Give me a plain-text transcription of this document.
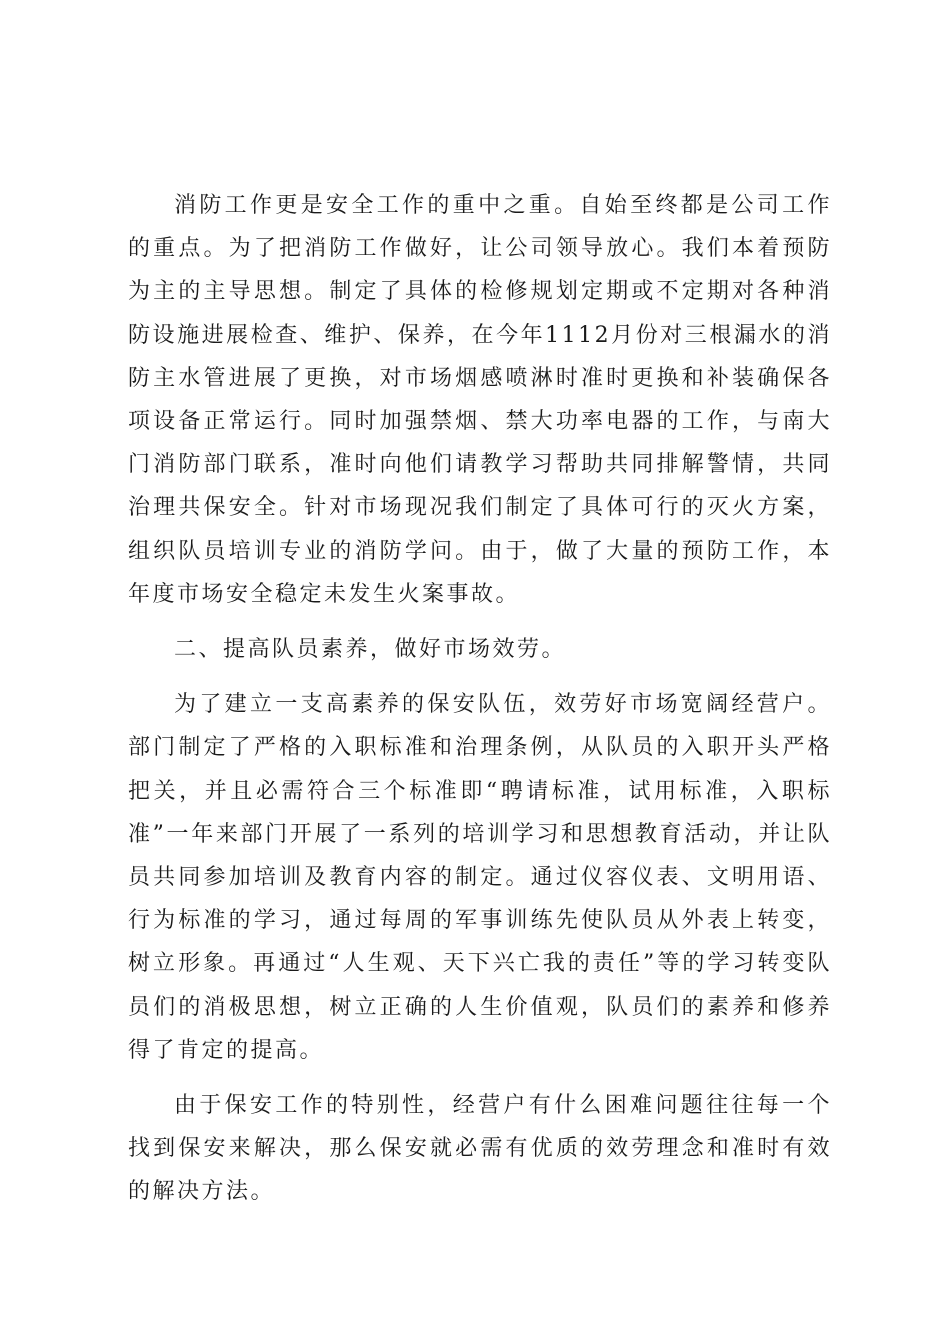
消防工作更是安全工作的重中之重。自始至终都是公司工作的重点。为了把消防工作做好，让公司领导放心。我们本着预防为主的主导思想。制定了具体的检修规划定期或不定期对各种消防设施进展检查、维护、保养，在今年1112月份对三根漏水的消防主水管进展了更换，对市场烟感喷淋时准时更换和补装确保各项设备正常运行。同时加强禁烟、禁大功率电器的工作，与南大门消防部门联系，准时向他们请教学习帮助共同排解警情，共同治理共保安全。针对市场现况我们制定了具体可行的灭火方案，组织队员培训专业的消防学问。由于，做了大量的预防工作，本年度市场安全稳定未发生火案事故。

二、提高队员素养，做好市场效劳。

为了建立一支高素养的保安队伍，效劳好市场宽阔经营户。部门制定了严格的入职标准和治理条例，从队员的入职开头严格把关，并且必需符合三个标准即“聘请标准，试用标准，入职标准”一年来部门开展了一系列的培训学习和思想教育活动，并让队员共同参加培训及教育内容的制定。通过仪容仪表、文明用语、行为标准的学习，通过每周的军事训练先使队员从外表上转变，树立形象。再通过“人生观、天下兴亡我的责任”等的学习转变队员们的消极思想，树立正确的人生价值观，队员们的素养和修养得了肯定的提高。

由于保安工作的特别性，经营户有什么困难问题往往每一个找到保安来解决，那么保安就必需有优质的效劳理念和准时有效的解决方法。
